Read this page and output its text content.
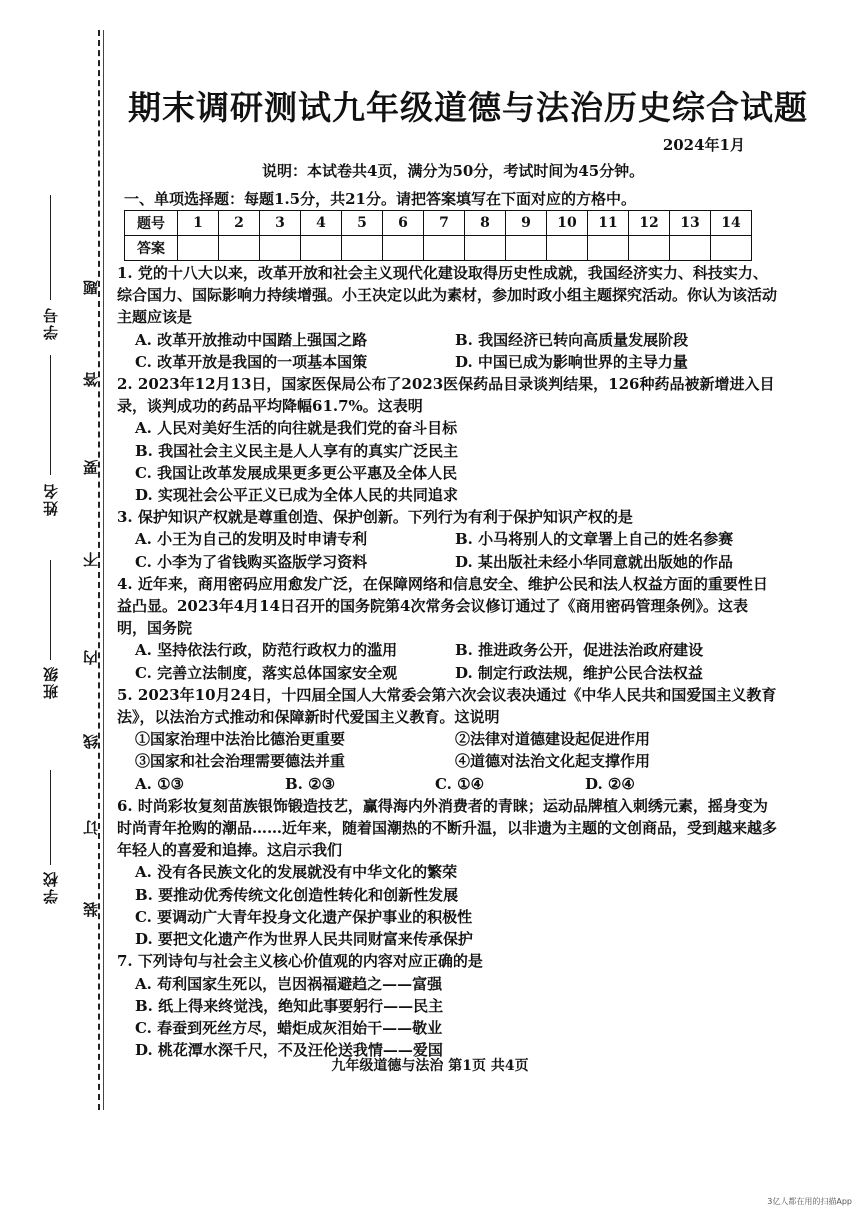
学校
班级
姓名
学号
装
订
线
内
不
要
答
题
期末调研测试九年级道德与法治历史综合试题
2024年1月
说明：本试卷共4页，满分为50分，考试时间为45分钟。
一、单项选择题：每题1.5分，共21分。请把答案填写在下面对应的方格中。
题号	1	2	3	4	5	6	7	8	9	10	11	12	13	14
答案														
1. 党的十八大以来，改革开放和社会主义现代化建设取得历史性成就，我国经济实力、科技实力、综合国力、国际影响力持续增强。小王决定以此为素材，参加时政小组主题探究活动。你认为该活动主题应该是
A. 改革开放推动中国踏上强国之路	B. 我国经济已转向高质量发展阶段
C. 改革开放是我国的一项基本国策	D. 中国已成为影响世界的主导力量
2. 2023年12月13日，国家医保局公布了2023医保药品目录谈判结果，126种药品被新增进入目录，谈判成功的药品平均降幅61.7%。这表明
A. 人民对美好生活的向往就是我们党的奋斗目标
B. 我国社会主义民主是人人享有的真实广泛民主
C. 我国让改革发展成果更多更公平惠及全体人民
D. 实现社会公平正义已成为全体人民的共同追求
3. 保护知识产权就是尊重创造、保护创新。下列行为有利于保护知识产权的是
A. 小王为自己的发明及时申请专利	B. 小马将别人的文章署上自己的姓名参赛
C. 小李为了省钱购买盗版学习资料	D. 某出版社未经小华同意就出版她的作品
4. 近年来，商用密码应用愈发广泛，在保障网络和信息安全、维护公民和法人权益方面的重要性日益凸显。2023年4月14日召开的国务院第4次常务会议修订通过了《商用密码管理条例》。这表明，国务院
A. 坚持依法行政，防范行政权力的滥用	B. 推进政务公开，促进法治政府建设
C. 完善立法制度，落实总体国家安全观	D. 制定行政法规，维护公民合法权益
5. 2023年10月24日，十四届全国人大常委会第六次会议表决通过《中华人民共和国爱国主义教育法》，以法治方式推动和保障新时代爱国主义教育。这说明
①国家治理中法治比德治更重要	②法律对道德建设起促进作用
③国家和社会治理需要德法并重	④道德对法治文化起支撑作用
A. ①③	B. ②③	C. ①④	D. ②④
6. 时尚彩妆复刻苗族银饰锻造技艺，赢得海内外消费者的青睐；运动品牌植入刺绣元素，摇身变为时尚青年抢购的潮品……近年来，随着国潮热的不断升温，以非遗为主题的文创商品，受到越来越多年轻人的喜爱和追捧。这启示我们
A. 没有各民族文化的发展就没有中华文化的繁荣
B. 要推动优秀传统文化创造性转化和创新性发展
C. 要调动广大青年投身文化遗产保护事业的积极性
D. 要把文化遗产作为世界人民共同财富来传承保护
7. 下列诗句与社会主义核心价值观的内容对应正确的是
A. 苟利国家生死以，岂因祸福避趋之——富强
B. 纸上得来终觉浅，绝知此事要躬行——民主
C. 春蚕到死丝方尽，蜡炬成灰泪始干——敬业
D. 桃花潭水深千尺，不及汪伦送我情——爱国
九年级道德与法治 第1页 共4页
3亿人都在用的扫描App
